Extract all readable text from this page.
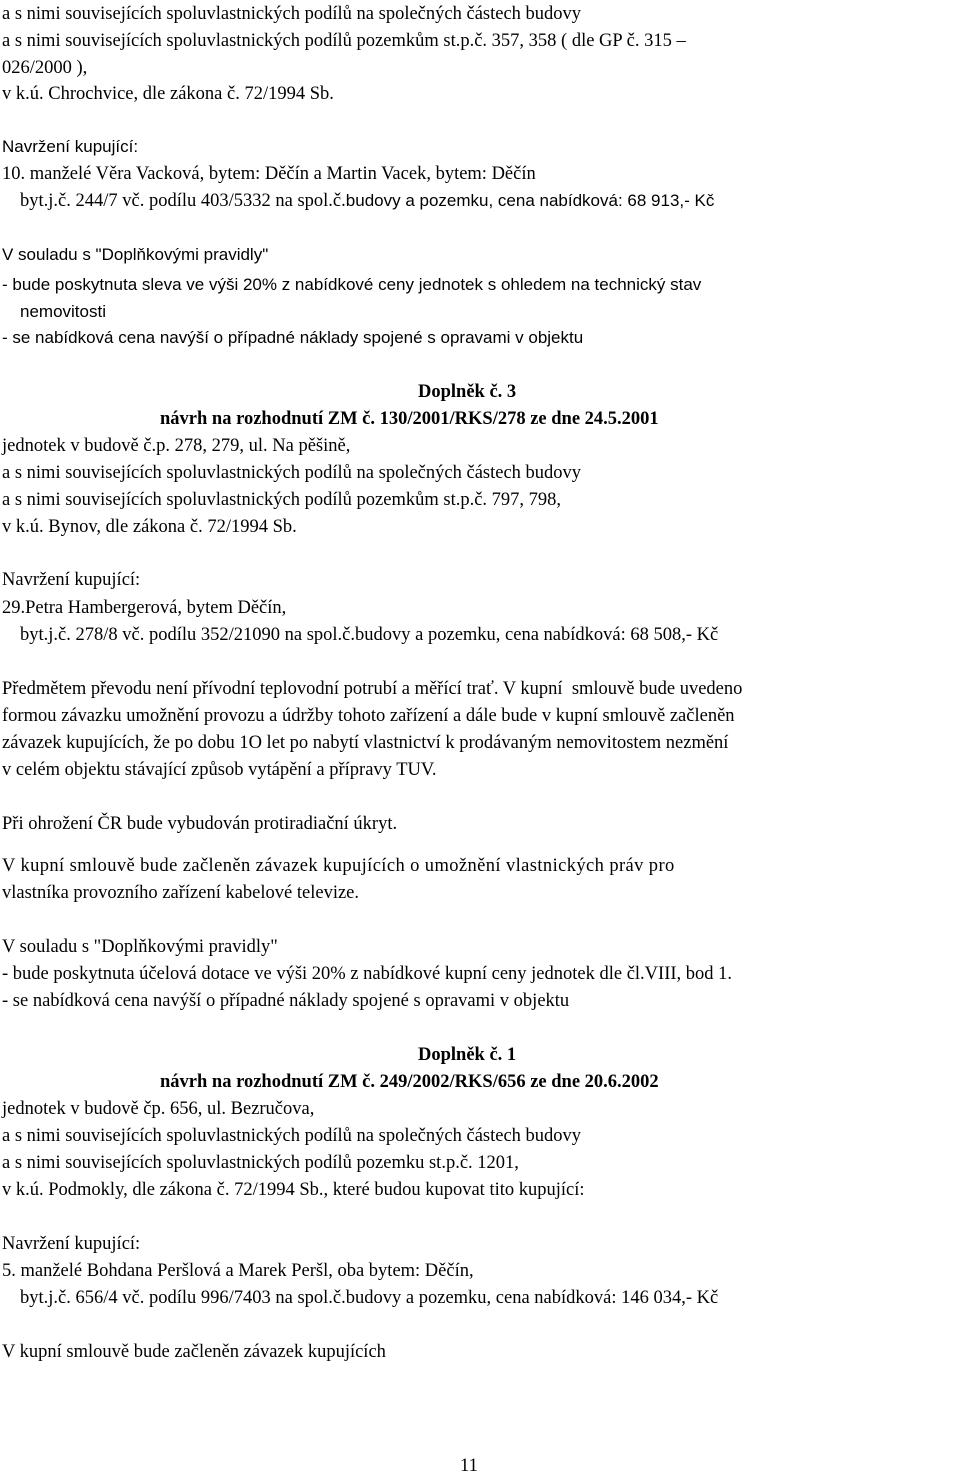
a s nimi souvisejících spoluvlastnických podílů na společných částech budovy
a s nimi souvisejících spoluvlastnických podílů pozemkům st.p.č. 357, 358 ( dle GP č. 315 –
026/2000 ),
v k.ú. Chrochvice, dle zákona č. 72/1994 Sb.
Navržení kupující:
10. manželé Věra Vacková, bytem: Děčín a Martin Vacek, bytem: Děčín
byt.j.č. 244/7 vč. podílu 403/5332 na spol.č.budovy a pozemku, cena nabídková: 68 913,- Kč
V souladu s "Doplňkovými pravidly"
- bude poskytnuta sleva ve výši 20% z nabídkové ceny jednotek s ohledem na technický stav
nemovitosti
- se nabídková cena navýší o případné náklady spojené s opravami v objektu
Doplněk č. 3
návrh na rozhodnutí ZM č. 130/2001/RKS/278 ze dne 24.5.2001
jednotek v budově č.p. 278, 279, ul. Na pěšině,
a s nimi souvisejících spoluvlastnických podílů na společných částech budovy
a s nimi souvisejících spoluvlastnických podílů pozemkům st.p.č. 797, 798,
v k.ú. Bynov, dle zákona č. 72/1994 Sb.
Navržení kupující:
29.Petra Hambergerová, bytem Děčín,
byt.j.č. 278/8 vč. podílu 352/21090 na spol.č.budovy a pozemku, cena nabídková: 68 508,- Kč
Předmětem převodu není přívodní teplovodní potrubí a měřící trať. V kupní  smlouvě bude uvedeno
formou závazku umožnění provozu a údržby tohoto zařízení a dále bude v kupní smlouvě začleněn
závazek kupujících, že po dobu 1O let po nabytí vlastnictví k prodávaným nemovitostem nezmění
v celém objektu stávající způsob vytápění a přípravy TUV.
Při ohrožení ČR bude vybudován protiradiační úkryt.
V kupní smlouvě bude začleněn závazek kupujících o umožnění vlastnických práv pro
vlastníka provozního zařízení kabelové televize.
V souladu s "Doplňkovými pravidly"
- bude poskytnuta účelová dotace ve výši 20% z nabídkové kupní ceny jednotek dle čl.VIII, bod 1.
- se nabídková cena navýší o případné náklady spojené s opravami v objektu
Doplněk č. 1
návrh na rozhodnutí ZM č. 249/2002/RKS/656 ze dne 20.6.2002
jednotek v budově čp. 656, ul. Bezručova,
a s nimi souvisejících spoluvlastnických podílů na společných částech budovy
a s nimi souvisejících spoluvlastnických podílů pozemku st.p.č. 1201,
v k.ú. Podmokly, dle zákona č. 72/1994 Sb., které budou kupovat tito kupující:
Navržení kupující:
5. manželé Bohdana Peršlová a Marek Peršl, oba bytem: Děčín,
byt.j.č. 656/4 vč. podílu 996/7403 na spol.č.budovy a pozemku, cena nabídková: 146 034,- Kč
V kupní smlouvě bude začleněn závazek kupujících
11
